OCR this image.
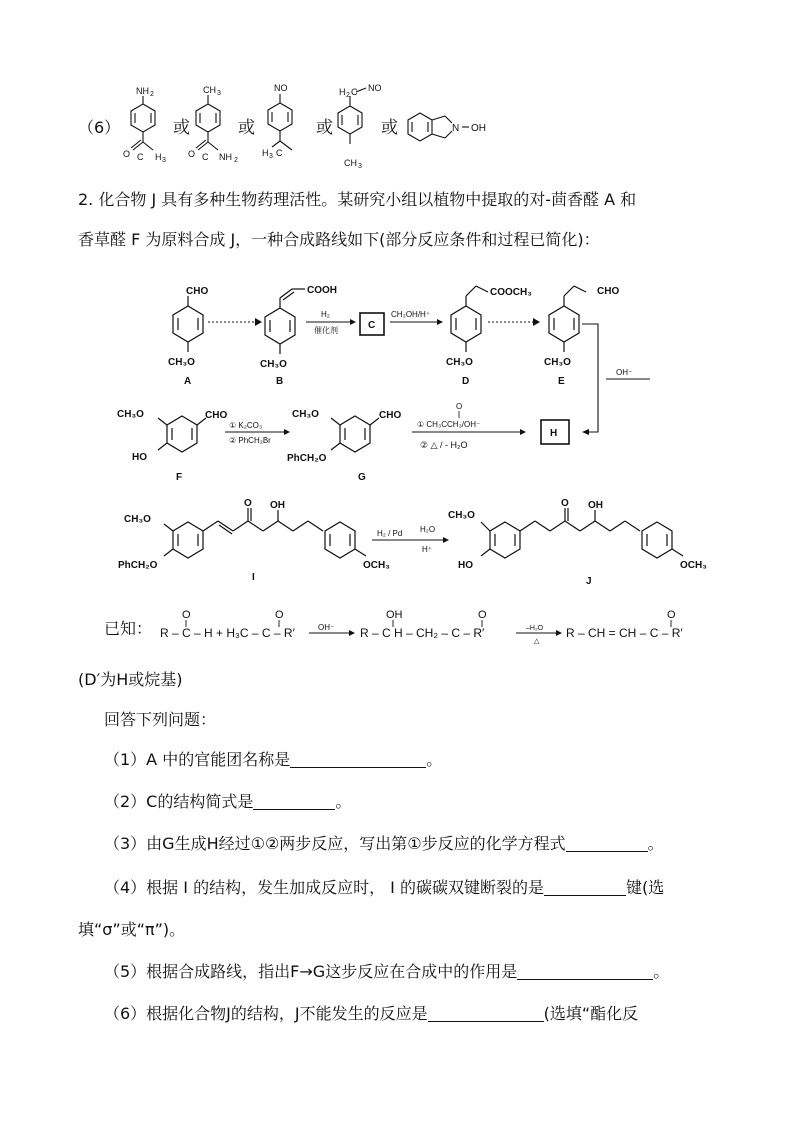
（6）
NH 2
O C H 3
或
CH 3
O C NH 2
或
NO
H 3 C
或
H 2 C NO
CH 3
或	N OH
2. 化合物 J 具有多种生物药理活性。某研究小组以植物中提取的对-茴香醛 A 和
香草醛 F 为原料合成 J，一种合成路线如下(部分反应条件和过程已简化)：
CHO
CH₃O
A
COOH
CH₃O
B
H₂
催化剂	C
CH₃OH/H⁺
COOCH₃
CH₃O
D
CHO
CH₃O
E
OH⁻
CH₃O	CHO
HO
F
① K₂CO₃
② PhCH₂Br
CH₃O	CHO
PhCH₂O
G
O
① CH₃CCH₃/OH⁻
② △ / - H₂O
H
CH₃O
PhCH₂O
O OH
OCH₃
I
H₂ / Pd H₂O
H⁺
CH₃O
HO
O OH
OCH₃
J
已知： R – C – H + H₃C – C – R′
O	O
OH⁻ R – C H – CH₂ – C – R′
OH	O
–H₂O
△
R – CH = CH – C – R′
O
(D′为H或烷基)
回答下列问题：
（1）A 中的官能团名称是	。
（2）C的结构简式是	。
（3）由G生成H经过①②两步反应，写出第①步反应的化学方程式	。
（4）根据 I 的结构，发生加成反应时， I 的碳碳双键断裂的是	键(选
填“σ”或“π”)。
（5）根据合成路线，指出F→G这步反应在合成中的作用是	。
（6）根据化合物J的结构，J不能发生的反应是	(选填“酯化反
